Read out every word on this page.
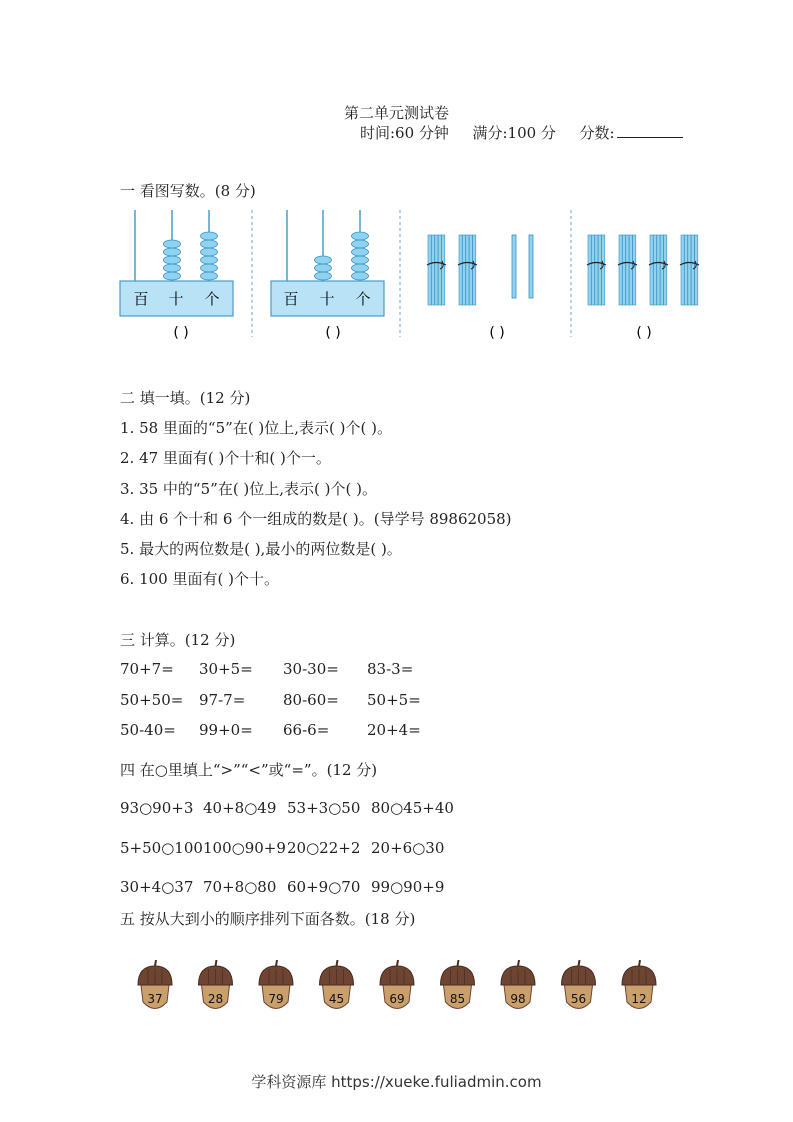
第二单元测试卷
时间:60 分钟 满分:100 分 分数:
一 看图写数。(8 分)
百 十 个	百 十 个
( )	( )	( )	( )
二 填一填。(12 分)
1. 58 里面的“5”在( )位上,表示( )个( )。
2. 47 里面有( )个十和( )个一。
3. 35 中的“5”在( )位上,表示( )个( )。
4. 由 6 个十和 6 个一组成的数是( )。(导学号 89862058)
5. 最大的两位数是( ),最小的两位数是( )。
6. 100 里面有( )个十。
三 计算。(12 分)
70+7= 30+5= 30-30= 83-3=
50+50= 97-7=	80-60= 50+5=
50-40= 99+0= 66-6=	20+4=
四 在○里填上“>”“<”或“=”。(12 分)
93○90+3 40+8○49 53+3○50 80○45+40
5+50○100 100○90+9 20○22+2 20+6○30
30+4○37 70+8○80 60+9○70 99○90+9
五 按从大到小的顺序排列下面各数。(18 分)
37	28	79	45	69	85	98	56	12
学科资源库 https://xueke.fuliadmin.com
